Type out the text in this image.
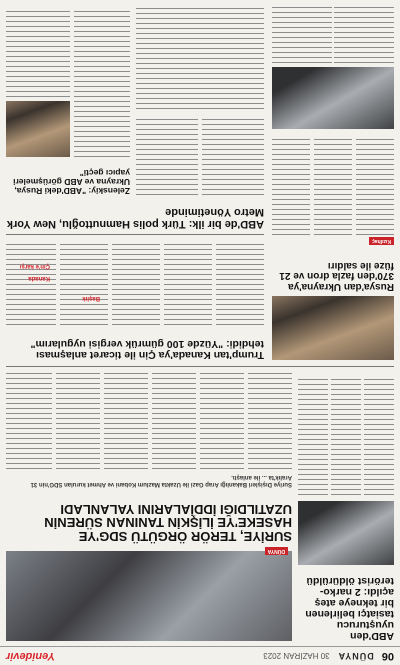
06
DÜNYA
30 HAZİRAN 2023
Yenidevir
ABD'den uyuşturucu tasiatçı belirlenen bir tekneye ateş açıldı: 2 narko-terörist öldürüldü
DÜNYA
SURİYE, TERÖR ÖRGÜTÜ SDG'YE HASEKE'YE İLİŞKİN TANINAN SÜRENİN UZATILDIĞI İDDİALARINI YALANLADI
Suriye Dışişleri Bakanlığı Arap Gazi ile Uzakta Mazlum Kobani ve Ahmet kurulan SDG'nin 31 Aralık'ta ... ile anlaştı.
Rusya'dan Ukrayna'ya 370'den fazla dron ve 21 füze ile saldırı
Kızılhaç
Trump'tan Kanada'ya Çin ile ticaret anlaşması tehdidi: "Yüzde 100 gümrük vergisi uygularım"
Başlık
Kanada
Çin'e karşı
ABD'de bir ilk: Türk polis Hamnuttoğlu, New York Metro Yönetiminde
Zelenskiy: "ABD'deki Rusya, Ukrayna ve ABD görüşmeleri yapıcı geçti"
